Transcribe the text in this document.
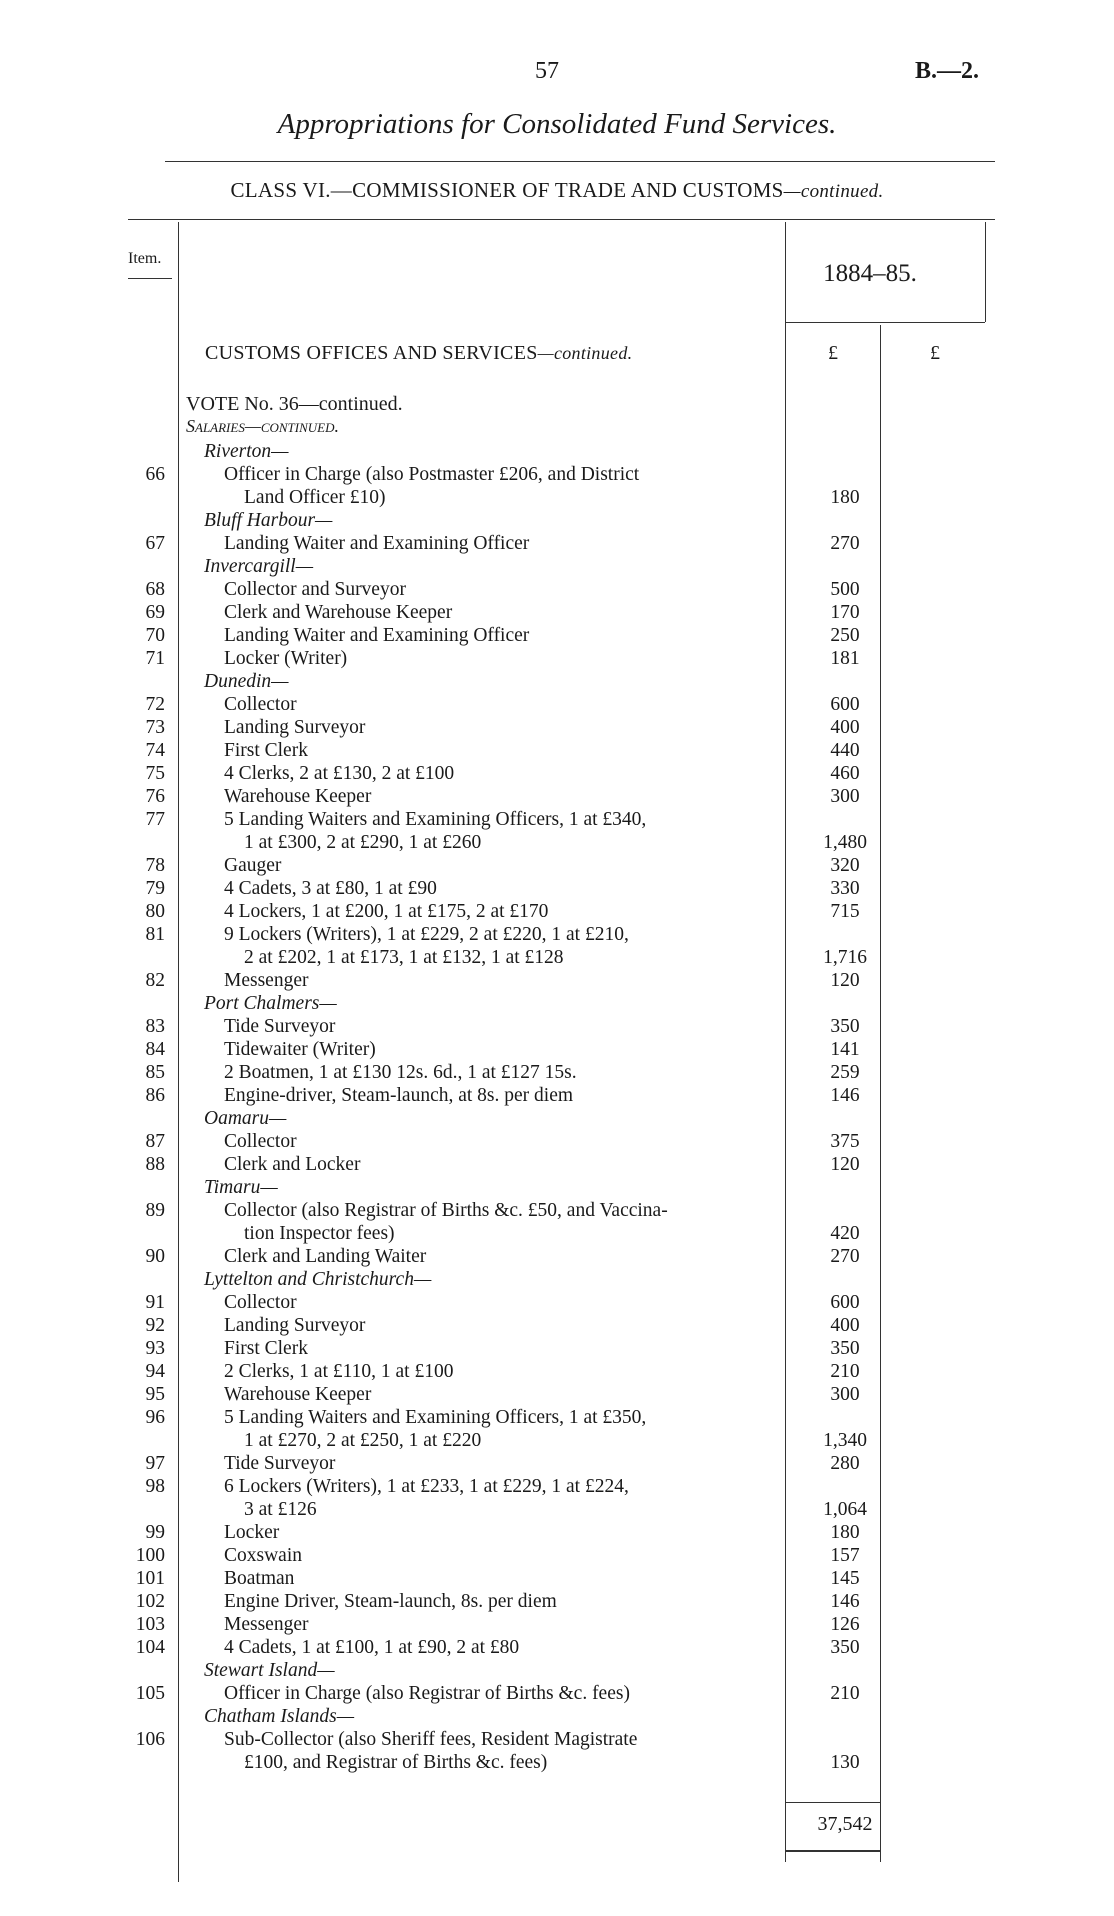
57	B.—2.
Appropriations for Consolidated Fund Services.
CLASS VI.—COMMISSIONER OF TRADE AND CUSTOMS—continued.
Item.
1884–85.
CUSTOMS OFFICES AND SERVICES—continued.	£	£
VOTE No. 36—continued.
Salaries—continued.
Riverton—
66	Officer in Charge (also Postmaster £206, and District
Land Officer £10)	180
Bluff Harbour—
67	Landing Waiter and Examining Officer	270
Invercargill—
68	Collector and Surveyor	500
69	Clerk and Warehouse Keeper	170
70	Landing Waiter and Examining Officer	250
71	Locker (Writer)	181
Dunedin—
72	Collector	600
73	Landing Surveyor	400
74	First Clerk	440
75	4 Clerks, 2 at £130, 2 at £100	460
76	Warehouse Keeper	300
77	5 Landing Waiters and Examining Officers, 1 at £340,
1 at £300, 2 at £290, 1 at £260	1,480
78	Gauger	320
79	4 Cadets, 3 at £80, 1 at £90	330
80	4 Lockers, 1 at £200, 1 at £175, 2 at £170	715
81	9 Lockers (Writers), 1 at £229, 2 at £220, 1 at £210,
2 at £202, 1 at £173, 1 at £132, 1 at £128	1,716
82	Messenger	120
Port Chalmers—
83	Tide Surveyor	350
84	Tidewaiter (Writer)	141
85	2 Boatmen, 1 at £130 12s. 6d., 1 at £127 15s.	259
86	Engine-driver, Steam-launch, at 8s. per diem	146
Oamaru—
87	Collector	375
88	Clerk and Locker	120
Timaru—
89	Collector (also Registrar of Births &c. £50, and Vaccina-
tion Inspector fees)	420
90	Clerk and Landing Waiter	270
Lyttelton and Christchurch—
91	Collector	600
92	Landing Surveyor	400
93	First Clerk	350
94	2 Clerks, 1 at £110, 1 at £100	210
95	Warehouse Keeper	300
96	5 Landing Waiters and Examining Officers, 1 at £350,
1 at £270, 2 at £250, 1 at £220	1,340
97	Tide Surveyor	280
98	6 Lockers (Writers), 1 at £233, 1 at £229, 1 at £224,
3 at £126	1,064
99	Locker	180
100	Coxswain	157
101	Boatman	145
102	Engine Driver, Steam-launch, 8s. per diem	146
103	Messenger	126
104	4 Cadets, 1 at £100, 1 at £90, 2 at £80	350
Stewart Island—
105	Officer in Charge (also Registrar of Births &c. fees)	210
Chatham Islands—
106	Sub-Collector (also Sheriff fees, Resident Magistrate
£100, and Registrar of Births &c. fees)	130
37,542
